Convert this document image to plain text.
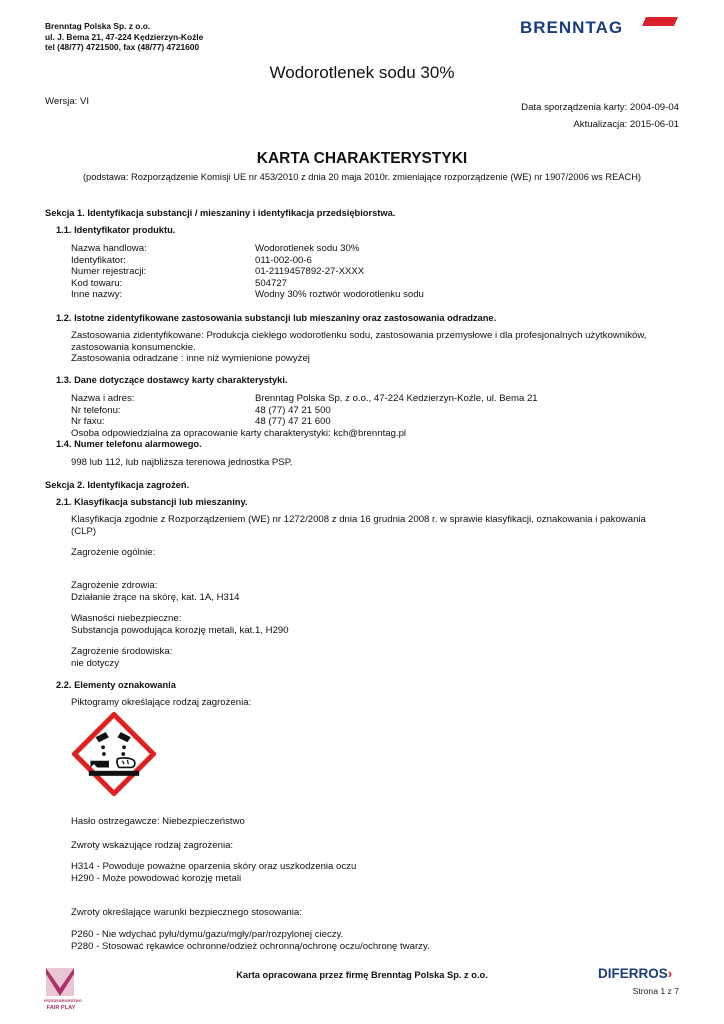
Brenntag Polska Sp. z o.o.
ul. J. Bema 21, 47-224 Kędzierzyn-Koźle
tel (48/77) 4721500, fax (48/77) 4721600
BRENNTAG
Wodorotlenek sodu 30%
Wersja: VI
Data sporządzenia karty: 2004-09-04
Aktualizacja: 2015-06-01
KARTA CHARAKTERYSTYKI
(podstawa: Rozporządzenie Komisji UE nr 453/2010 z dnia 20 maja 2010r. zmieniające rozporządzenie (WE) nr 1907/2006 ws REACH)
Sekcja 1. Identyfikacja substancji / mieszaniny i identyfikacja przedsiębiorstwa.
1.1. Identyfikator produktu.
Nazwa handlowa:
Identyfikator:
Numer rejestracji:
Kod towaru:
Inne nazwy:
Wodorotlenek sodu 30%
011-002-00-6
01-2119457892-27-XXXX
504727
Wodny 30% roztwór wodorotlenku sodu
1.2. Istotne zidentyfikowane zastosowania substancji lub mieszaniny oraz zastosowania odradzane.
Zastosowania zidentyfikowane: Produkcja ciekłego wodorotlenku sodu, zastosowania przemysłowe i dla profesjonalnych użytkowników,
zastosowania konsumenckie.
Zastosowania odradzane : inne niż wymienione powyżej
1.3. Dane dotyczące dostawcy karty charakterystyki.
Nazwa i adres:
Nr telefonu:
Nr faxu:
Brenntag Polska Sp. z o.o., 47-224 Kedzierzyn-Koźle, ul. Bema 21
48 (77) 47 21 500
48 (77) 47 21 600
Osoba odpowiedzialna za opracowanie karty charakterystyki: kch@brenntag.pl
1.4. Numer telefonu alarmowego.
998 lub 112, lub najbliższa terenowa jednostka PSP.
Sekcja 2. Identyfikacja zagrożeń.
2.1. Klasyfikacja substancji lub mieszaniny.
Klasyfikacja zgodnie z Rozporządzeniem (WE) nr 1272/2008 z dnia 16 grudnia 2008 r. w sprawie klasyfikacji, oznakowania i pakowania
(CLP)
Zagrożenie ogólnie:
Zagrożenie zdrowia:
Działanie żrące na skórę, kat. 1A, H314
Własności niebezpieczne:
Substancja powodująca korozję metali, kat.1, H290
Zagrożenie środowiska:
nie dotyczy
2.2. Elementy oznakowania
Piktogramy określające rodzaj zagrożenia:
Hasło ostrzegawcze: Niebezpieczeństwo
Zwroty wskazujące rodzaj zagrożenia:
H314 - Powoduje poważne oparzenia skóry oraz uszkodzenia oczu
H290 - Może powodować korozję metali
Zwroty określające warunki bezpiecznego stosowania:
P260 - Nie wdychać pyłu/dymu/gazu/mgły/par/rozpylonej cieczy.
P280 - Stosować rękawice ochronne/odzież ochronną/ochronę oczu/ochronę twarzy.
PRZEDSIĘBIORSTWO
FAIR PLAY
Karta opracowana przez firmę Brenntag Polska Sp. z o.o.	DIFERROS›
Strona 1 z 7
